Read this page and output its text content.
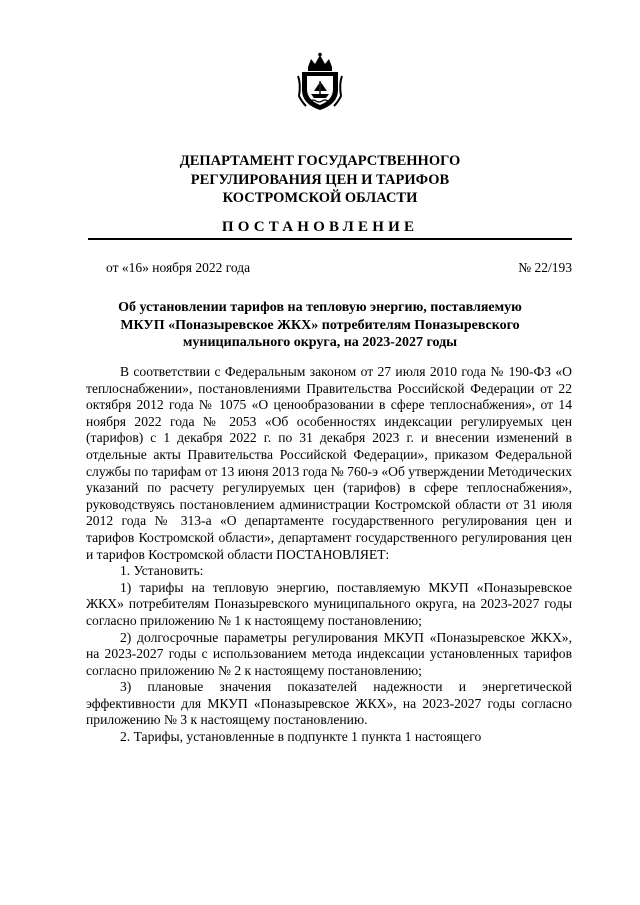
ДЕПАРТАМЕНТ ГОСУДАРСТВЕННОГО
РЕГУЛИРОВАНИЯ ЦЕН И ТАРИФОВ
КОСТРОМСКОЙ ОБЛАСТИ
ПОСТАНОВЛЕНИЕ
от «16» ноября 2022 года	№ 22/193
Об установлении тарифов на тепловую энергию, поставляемую
МКУП «Поназыревское ЖКХ» потребителям Поназыревского
муниципального округа, на 2023-2027 годы

В соответствии с Федеральным законом от 27 июля 2010 года № 190-ФЗ «О теплоснабжении», постановлениями Правительства Российской Федерации от 22 октября 2012 года № 1075 «О ценообразовании в сфере теплоснабжения», от 14 ноября 2022 года № 2053 «Об особенностях индексации регулируемых цен (тарифов) с 1 декабря 2022 г. по 31 декабря 2023 г. и внесении изменений в отдельные акты Правительства Российской Федерации», приказом Федеральной службы по тарифам от 13 июня 2013 года № 760-э «Об утверждении Методических указаний по расчету регулируемых цен (тарифов) в сфере теплоснабжения», руководствуясь постановлением администрации Костромской области от 31 июля 2012 года № 313-а «О департаменте государственного регулирования цен и тарифов Костромской области», департамент государственного регулирования цен и тарифов Костромской области ПОСТАНОВЛЯЕТ:

1. Установить:

1) тарифы на тепловую энергию, поставляемую МКУП «Поназыревское ЖКХ» потребителям Поназыревского муниципального округа, на 2023-2027 годы согласно приложению № 1 к настоящему постановлению;

2) долгосрочные параметры регулирования МКУП «Поназыревское ЖКХ», на 2023-2027 годы с использованием метода индексации установленных тарифов согласно приложению № 2 к настоящему постановлению;

3) плановые значения показателей надежности и энергетической эффективности для МКУП «Поназыревское ЖКХ», на 2023-2027 годы согласно приложению № 3 к настоящему постановлению.

2. Тарифы, установленные в подпункте 1 пункта 1 настоящего
